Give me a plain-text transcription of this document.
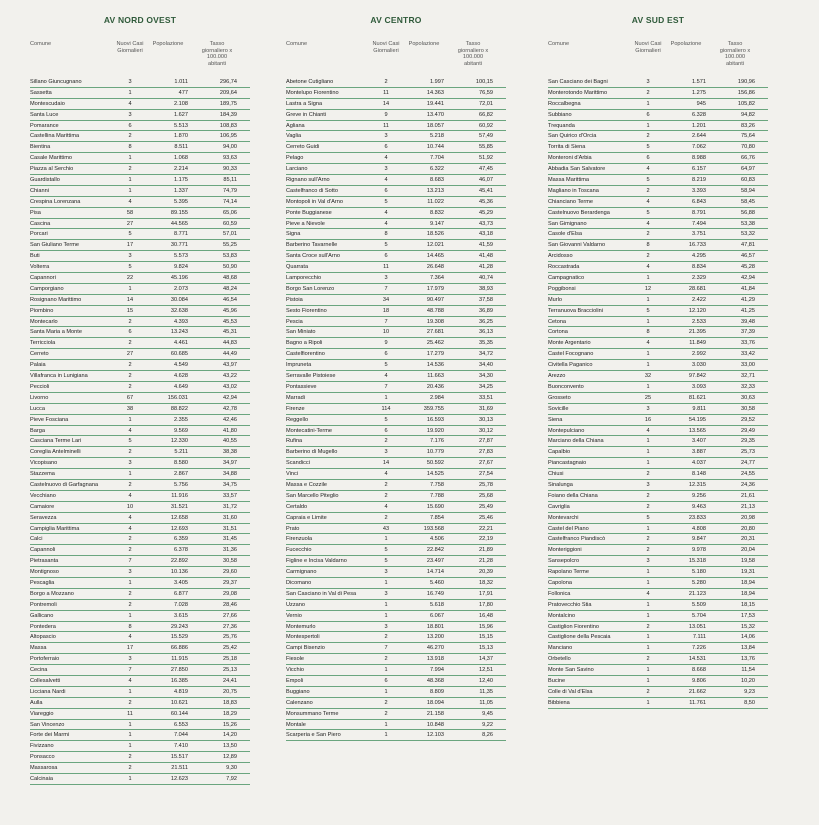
AV NORD OVEST
Comune	Nuovi Casi
Giornalieri
Popolazione	Tasso
giornaliero x
100.000
abitanti
Sillano Giuncugnano	3	1.011	296,74
Sassetta	1	477	209,64
Montescudaio	4	2.108	189,75
Santa Luce	3	1.627	184,39
Pomarance	6	5.513	108,83
Castellina Marittima	2	1.870	106,95
Bientina	8	8.511	94,00
Casale Marittimo	1	1.068	93,63
Piazza al Serchio	2	2.214	90,33
Guardistallo	1	1.175	85,11
Chianni	1	1.337	74,79
Crespina Lorenzana	4	5.395	74,14
Pisa	58	89.155	65,06
Cascina	27	44.565	60,59
Porcari	5	8.771	57,01
San Giuliano Terme	17	30.771	55,25
Buti	3	5.573	53,83
Volterra	5	9.824	50,90
Capannori	22	45.196	48,68
Camporgiano	1	2.073	48,24
Rosignano Marittimo	14	30.084	46,54
Piombino	15	32.638	45,96
Montecarlo	2	4.393	45,53
Santa Maria a Monte	6	13.243	45,31
Terricciola	2	4.461	44,83
Cerreto	27	60.685	44,49
Palaia	2	4.549	43,97
Villafranca in Lunigiana	2	4.628	43,22
Peccioli	2	4.649	43,02
Livorno	67	156.031	42,94
Lucca	38	88.822	42,78
Pieve Fosciana	1	2.355	42,46
Barga	4	9.569	41,80
Casciana Terme Lari	5	12.330	40,55
Coreglia Antelminelli	2	5.211	38,38
Vicopisano	3	8.580	34,97
Stazzema	1	2.867	34,88
Castelnuovo di Garfagnana	2	5.756	34,75
Vecchiano	4	11.916	33,57
Camaiore	10	31.521	31,72
Seravezza	4	12.658	31,60
Campiglia Marittima	4	12.693	31,51
Calci	2	6.359	31,45
Capannoli	2	6.378	31,36
Pietrasanta	7	22.892	30,58
Montignoso	3	10.136	29,60
Pescaglia	1	3.405	29,37
Borgo a Mozzano	2	6.877	29,08
Pontremoli	2	7.028	28,46
Gallicano	1	3.615	27,66
Pontedera	8	29.243	27,36
Altopascio	4	15.529	25,76
Massa	17	66.886	25,42
Portoferraio	3	11.915	25,18
Cecina	7	27.850	25,13
Collesalvetti	4	16.385	24,41
Licciana Nardi	1	4.819	20,75
Aulla	2	10.621	18,83
Viareggio	11	60.144	18,29
San Vincenzo	1	6.553	15,26
Forte dei Marmi	1	7.044	14,20
Fivizzano	1	7.410	13,50
Ponsacco	2	15.517	12,89
Massarosa	2	21.511	9,30
Calcinaia	1	12.623	7,92
AV CENTRO
Comune	Nuovi Casi
Giornalieri
Popolazione	Tasso
giornaliero x
100.000
abitanti
Abetone Cutigliano	2	1.997	100,15
Montelupo Fiorentino	11	14.363	76,59
Lastra a Signa	14	19.441	72,01
Greve in Chianti	9	13.470	66,82
Agliana	11	18.057	60,92
Vaglia	3	5.218	57,49
Cerreto Guidi	6	10.744	55,85
Pelago	4	7.704	51,92
Larciano	3	6.322	47,45
Rignano sull'Arno	4	8.683	46,07
Castelfranco di Sotto	6	13.213	45,41
Montopoli in Val d'Arno	5	11.022	45,36
Ponte Buggianese	4	8.832	45,29
Pieve a Nievole	4	9.147	43,73
Signa	8	18.526	43,18
Barberino Tavarnelle	5	12.021	41,59
Santa Croce sull'Arno	6	14.465	41,48
Quarrata	11	26.648	41,28
Lamporecchio	3	7.364	40,74
Borgo San Lorenzo	7	17.979	38,93
Pistoia	34	90.497	37,58
Sesto Fiorentino	18	48.788	36,89
Pescia	7	19.308	36,25
San Miniato	10	27.681	36,13
Bagno a Ripoli	9	25.462	35,35
Castelfiorentino	6	17.279	34,72
Impruneta	5	14.536	34,40
Serravalle Pistoiese	4	11.663	34,30
Pontassieve	7	20.436	34,25
Marradi	1	2.984	33,51
Firenze	114	359.755	31,69
Reggello	5	16.593	30,13
Montecatini-Terme	6	19.920	30,12
Rufina	2	7.176	27,87
Barberino di Mugello	3	10.779	27,83
Scandicci	14	50.592	27,67
Vinci	4	14.525	27,54
Massa e Cozzile	2	7.758	25,78
San Marcello Piteglio	2	7.788	25,68
Certaldo	4	15.690	25,49
Capraia e Limite	2	7.854	25,46
Prato	43	193.568	22,21
Firenzuola	1	4.506	22,19
Fucecchio	5	22.842	21,89
Figline e Incisa Valdarno	5	23.497	21,28
Carmignano	3	14.714	20,39
Dicomano	1	5.460	18,32
San Casciano in Val di Pesa	3	16.749	17,91
Uzzano	1	5.618	17,80
Vernio	1	6.067	16,48
Montemurlo	3	18.801	15,96
Montespertoli	2	13.200	15,15
Campi Bisenzio	7	46.270	15,13
Fiesole	2	13.918	14,37
Vicchio	1	7.994	12,51
Empoli	6	48.368	12,40
Buggiano	1	8.809	11,35
Calenzano	2	18.094	11,05
Monsummano Terme	2	21.158	9,45
Montale	1	10.848	9,22
Scarperia e San Piero	1	12.103	8,26
AV SUD EST
Comune	Nuovi Casi
Giornalieri
Popolazione	Tasso
giornaliero x
100.000
abitanti
San Casciano dei Bagni	3	1.571	190,96
Monterotondo Marittimo	2	1.275	156,86
Roccalbegna	1	945	105,82
Subbiano	6	6.328	94,82
Trequanda	1	1.201	83,26
San Quirico d'Orcia	2	2.644	75,64
Torrita di Siena	5	7.062	70,80
Monteroni d'Arbia	6	8.988	66,76
Abbadia San Salvatore	4	6.157	64,97
Massa Marittima	5	8.219	60,83
Magliano in Toscana	2	3.393	58,94
Chianciano Terme	4	6.843	58,45
Castelnuovo Berardenga	5	8.791	56,88
San Gimignano	4	7.494	53,38
Casole d'Elsa	2	3.751	53,32
San Giovanni Valdarno	8	16.733	47,81
Arcidosso	2	4.295	46,57
Roccastrada	4	8.834	45,28
Campagnatico	1	2.329	42,94
Poggibonsi	12	28.681	41,84
Murlo	1	2.422	41,29
Terranuova Bracciolini	5	12.120	41,25
Cetona	1	2.533	39,48
Cortona	8	21.395	37,39
Monte Argentario	4	11.849	33,76
Castel Focognano	1	2.992	33,42
Civitella Paganico	1	3.030	33,00
Arezzo	32	97.842	32,71
Buonconvento	1	3.093	32,33
Grosseto	25	81.621	30,63
Sovicille	3	9.811	30,58
Siena	16	54.195	29,52
Montepulciano	4	13.565	29,49
Marciano della Chiana	1	3.407	29,35
Capalbio	1	3.887	25,73
Piancastagnaio	1	4.037	24,77
Chiusi	2	8.148	24,55
Sinalunga	3	12.315	24,36
Foiano della Chiana	2	9.256	21,61
Cavriglia	2	9.463	21,13
Montevarchi	5	23.833	20,98
Castel del Piano	1	4.808	20,80
Castelfranco Piandiscò	2	9.847	20,31
Monteriggioni	2	9.978	20,04
Sansepolcro	3	15.318	19,58
Rapolano Terme	1	5.180	19,31
Capolona	1	5.280	18,94
Follonica	4	21.123	18,94
Pratovecchio Stia	1	5.509	18,15
Montalcino	1	5.704	17,53
Castiglion Fiorentino	2	13.051	15,32
Castiglione della Pescaia	1	7.111	14,06
Manciano	1	7.226	13,84
Orbetello	2	14.531	13,76
Monte San Savino	1	8.668	11,54
Bucine	1	9.806	10,20
Colle di Val d'Elsa	2	21.662	9,23
Bibbiena	1	11.761	8,50
